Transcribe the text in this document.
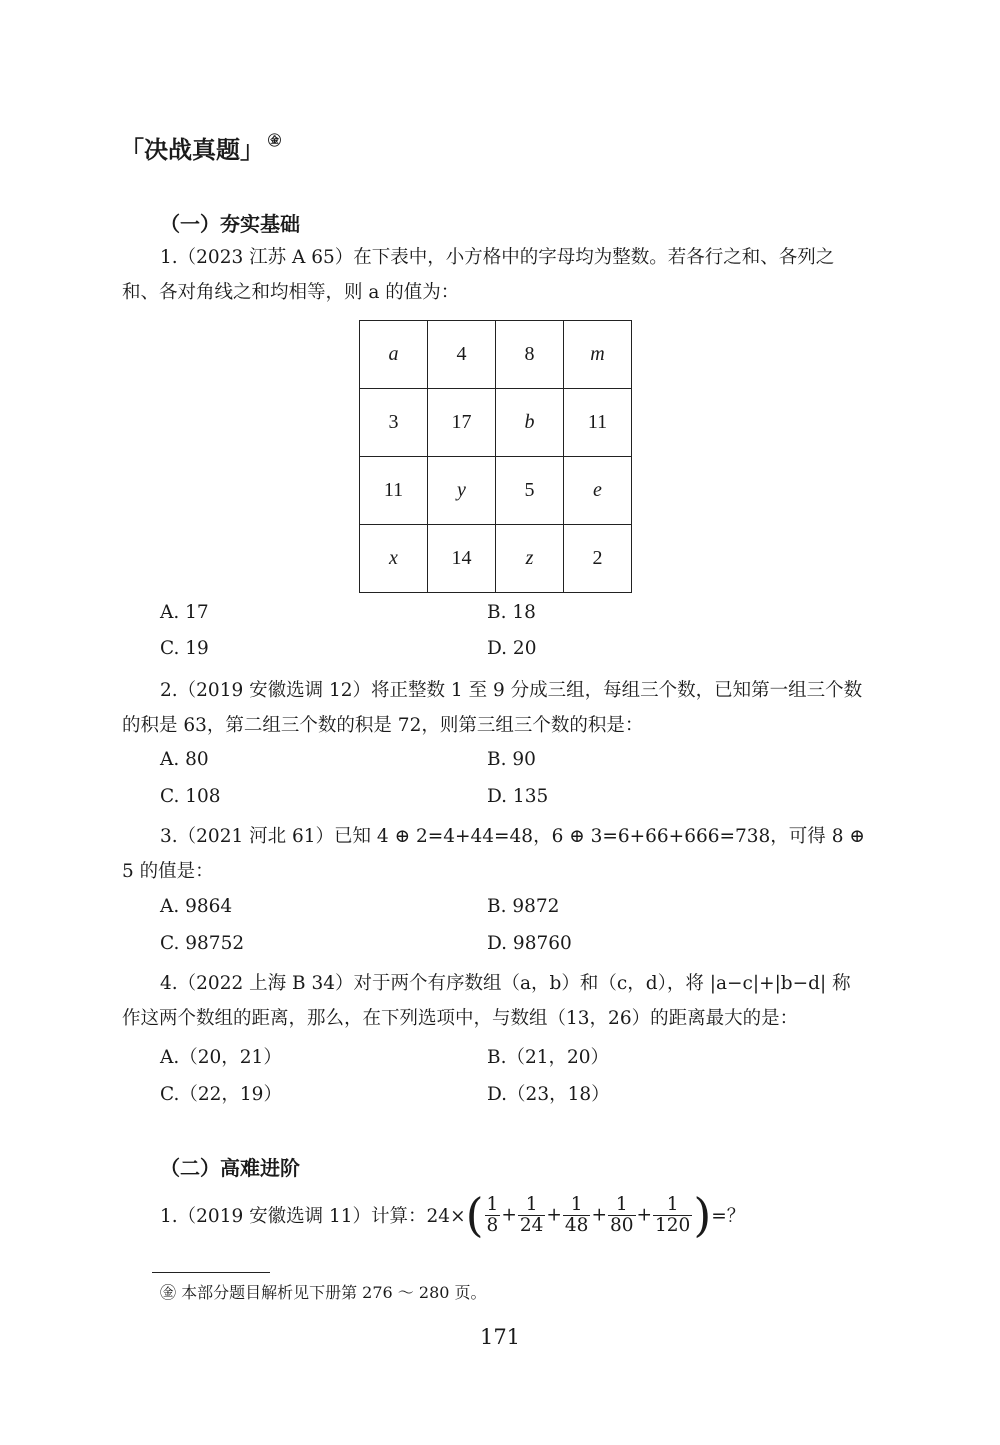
「决战真题」 ㊎
（一）夯实基础
1.（2023 江苏 A 65）在下表中，小方格中的字母均为整数。若各行之和、各列之和、各对角线之和均相等，则 a 的值为：
a	4	8	m
3	17	b	11
11	y	5	e
x	14	z	2
A. 17	B. 18
C. 19	D. 20
2.（2019 安徽选调 12）将正整数 1 至 9 分成三组，每组三个数，已知第一组三个数的积是 63，第二组三个数的积是 72，则第三组三个数的积是：
A. 80	B. 90
C. 108	D. 135
3.（2021 河北 61）已知 4 ⊕ 2=4+44=48，6 ⊕ 3=6+66+666=738，可得 8 ⊕ 5 的值是：
A. 9864	B. 9872
C. 98752	D. 98760
4.（2022 上海 B 34）对于两个有序数组（a，b）和（c，d），将 |a−c|+|b−d| 称作这两个数组的距离，那么，在下列选项中，与数组（13，26）的距离最大的是：
A.（20，21）	B.（21，20）
C.（22，19）	D.（23，18）
（二）高难进阶
1.（2019 安徽选调 11）计算：$24\times( \frac{1}{8} + \frac{1}{24} + \frac{1}{48} + \frac{1}{80} + \frac{1}{120}$ )=？
㊎ 本部分题目解析见下册第 276 ～ 280 页。
171
